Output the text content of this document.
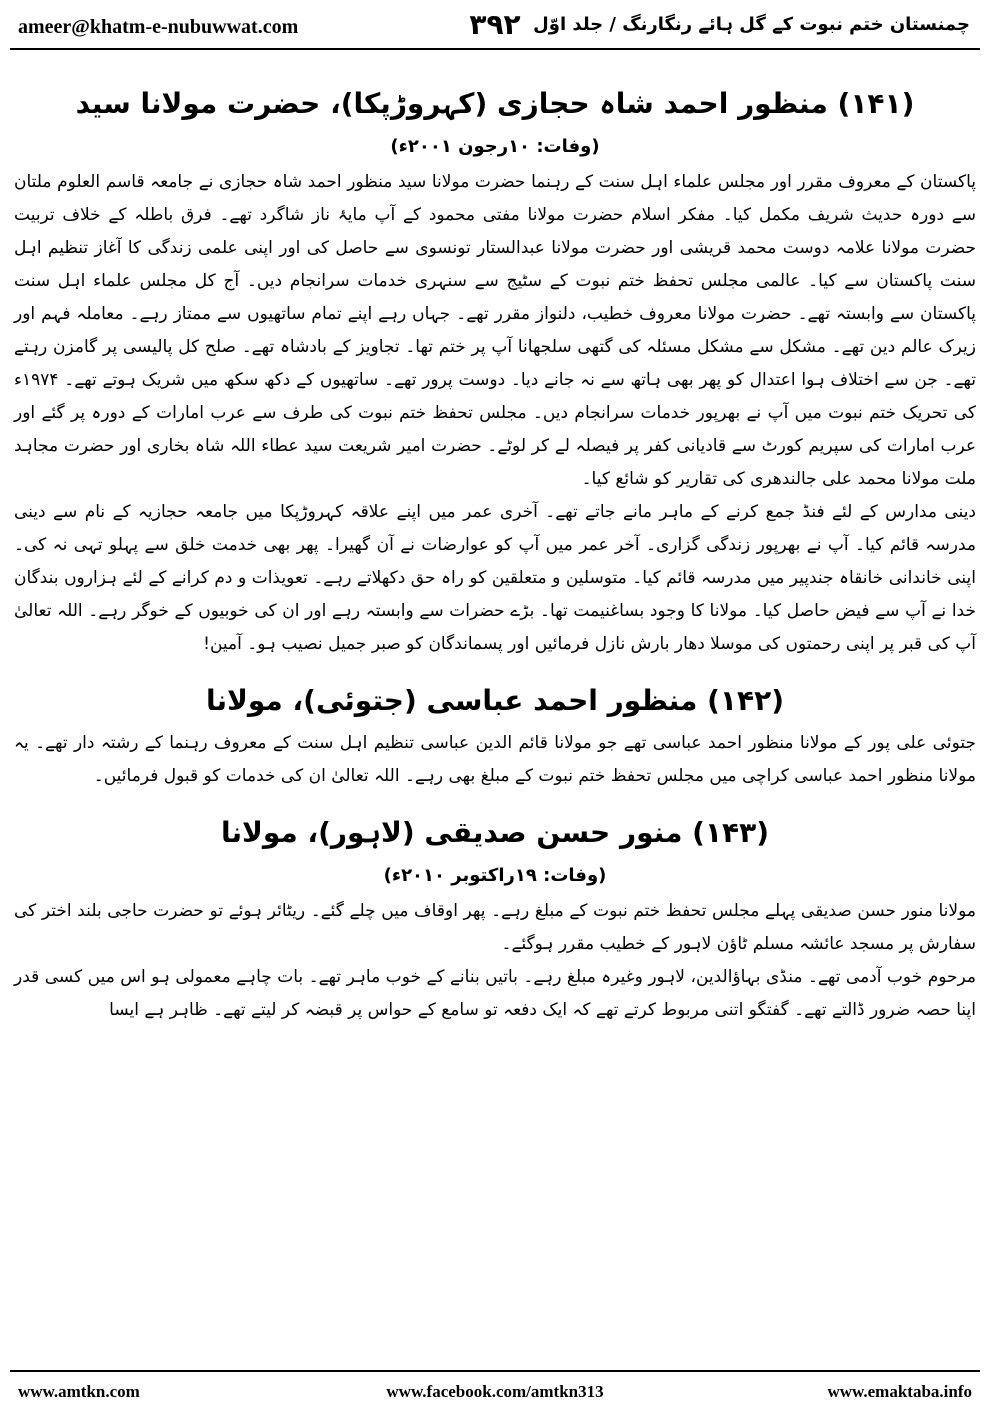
ameer@khatm-e-nubuwwat.com	۳۹۲ چمنستان ختم نبوت کے گل ہائے رنگارنگ / جلد اوّل
(۱۴۱) منظور احمد شاہ حجازی (کہروڑپکا)، حضرت مولانا سید
(وفات: ۱۰رجون ۲۰۰۱ء)

پاکستان کے معروف مقرر اور مجلس علماء اہل سنت کے رہنما حضرت مولانا سید منظور احمد شاہ حجازی نے جامعہ قاسم العلوم ملتان سے دورہ حدیث شریف مکمل کیا۔ مفکر اسلام حضرت مولانا مفتی محمود کے آپ مایۂ ناز شاگرد تھے۔ فرق باطلہ کے خلاف تربیت حضرت مولانا علامہ دوست محمد قریشی اور حضرت مولانا عبدالستار تونسوی سے حاصل کی اور اپنی علمی زندگی کا آغاز تنظیم اہل سنت پاکستان سے کیا۔ عالمی مجلس تحفظ ختم نبوت کے سٹیج سے سنہری خدمات سرانجام دیں۔ آج کل مجلس علماء اہل سنت پاکستان سے وابستہ تھے۔ حضرت مولانا معروف خطیب، دلنواز مقرر تھے۔ جہاں رہے اپنے تمام ساتھیوں سے ممتاز رہے۔ معاملہ فہم اور زیرک عالم دین تھے۔ مشکل سے مشکل مسئلہ کی گتھی سلجھانا آپ پر ختم تھا۔ تجاویز کے بادشاہ تھے۔ صلح کل پالیسی پر گامزن رہتے تھے۔ جن سے اختلاف ہوا اعتدال کو پھر بھی ہاتھ سے نہ جانے دیا۔ دوست پرور تھے۔ ساتھیوں کے دکھ سکھ میں شریک ہوتے تھے۔ ۱۹۷۴ء کی تحریک ختم نبوت میں آپ نے بھرپور خدمات سرانجام دیں۔ مجلس تحفظ ختم نبوت کی طرف سے عرب امارات کے دورہ پر گئے اور عرب امارات کی سپریم کورٹ سے قادیانی کفر پر فیصلہ لے کر لوٹے۔ حضرت امیر شریعت سید عطاء اللہ شاہ بخاری اور حضرت مجاہد ملت مولانا محمد علی جالندھری کی تقاریر کو شائع کیا۔

دینی مدارس کے لئے فنڈ جمع کرنے کے ماہر مانے جاتے تھے۔ آخری عمر میں اپنے علاقہ کہروڑپکا میں جامعہ حجازیہ کے نام سے دینی مدرسہ قائم کیا۔ آپ نے بھرپور زندگی گزاری۔ آخر عمر میں آپ کو عوارضات نے آن گھیرا۔ پھر بھی خدمت خلق سے پہلو تہی نہ کی۔ اپنی خاندانی خانقاہ جندپیر میں مدرسہ قائم کیا۔ متوسلین و متعلقین کو راہ حق دکھلاتے رہے۔ تعویذات و دم کرانے کے لئے ہزاروں بندگان خدا نے آپ سے فیض حاصل کیا۔ مولانا کا وجود بساغنیمت تھا۔ بڑے حضرات سے وابستہ رہے اور ان کی خوبیوں کے خوگر رہے۔ اللہ تعالیٰ آپ کی قبر پر اپنی رحمتوں کی موسلا دھار بارش نازل فرمائیں اور پسماندگان کو صبر جمیل نصیب ہو۔ آمین!

(۱۴۲) منظور احمد عباسی (جتوئی)، مولانا

جتوئی علی پور کے مولانا منظور احمد عباسی تھے جو مولانا قائم الدین عباسی تنظیم اہل سنت کے معروف رہنما کے رشتہ دار تھے۔ یہ مولانا منظور احمد عباسی کراچی میں مجلس تحفظ ختم نبوت کے مبلغ بھی رہے۔ اللہ تعالیٰ ان کی خدمات کو قبول فرمائیں۔

(۱۴۳) منور حسن صدیقی (لاہور)، مولانا
(وفات: ۱۹راکتوبر ۲۰۱۰ء)

مولانا منور حسن صدیقی پہلے مجلس تحفظ ختم نبوت کے مبلغ رہے۔ پھر اوقاف میں چلے گئے۔ ریٹائر ہوئے تو حضرت حاجی بلند اختر کی سفارش پر مسجد عائشہ مسلم ٹاؤن لاہور کے خطیب مقرر ہوگئے۔

مرحوم خوب آدمی تھے۔ منڈی بہاؤالدین، لاہور وغیرہ مبلغ رہے۔ باتیں بنانے کے خوب ماہر تھے۔ بات چاہے معمولی ہو اس میں کسی قدر اپنا حصہ ضرور ڈالتے تھے۔ گفتگو اتنی مربوط کرتے تھے کہ ایک دفعہ تو سامع کے حواس پر قبضہ کر لیتے تھے۔ ظاہر ہے ایسا

www.amtkn.com	www.facebook.com/amtkn313	www.emaktaba.info
